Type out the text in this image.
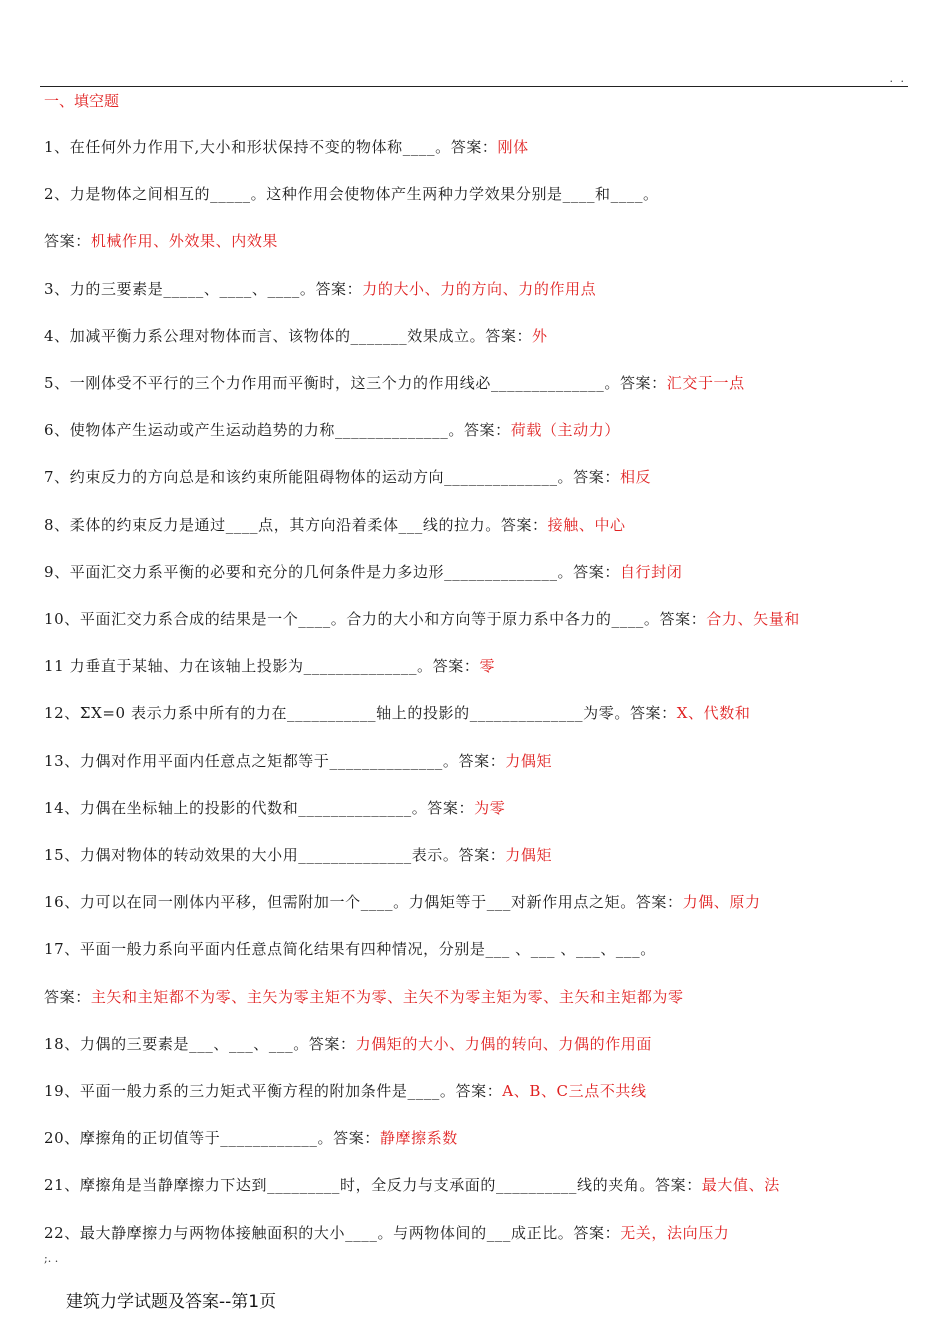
. .
一、填空题
1、在任何外力作用下,大小和形状保持不变的物体称____。答案：刚体
2、力是物体之间相互的_____。这种作用会使物体产生两种力学效果分别是____和____。
答案：机械作用、外效果、内效果
3、力的三要素是_____、____、____。答案：力的大小、力的方向、力的作用点
4、加减平衡力系公理对物体而言、该物体的_______效果成立。答案：外
5、一刚体受不平行的三个力作用而平衡时，这三个力的作用线必______________。答案：汇交于一点
6、使物体产生运动或产生运动趋势的力称______________。答案：荷载（主动力）
7、约束反力的方向总是和该约束所能阻碍物体的运动方向______________。答案：相反
8、柔体的约束反力是通过____点，其方向沿着柔体___线的拉力。答案：接触、中心
9、平面汇交力系平衡的必要和充分的几何条件是力多边形______________。答案：自行封闭
10、平面汇交力系合成的结果是一个____。合力的大小和方向等于原力系中各力的____。答案：合力、矢量和
11 力垂直于某轴、力在该轴上投影为______________。答案：零
12、ΣX=0 表示力系中所有的力在___________轴上的投影的______________为零。答案：X、代数和
13、力偶对作用平面内任意点之矩都等于______________。答案：力偶矩
14、力偶在坐标轴上的投影的代数和______________。答案：为零
15、力偶对物体的转动效果的大小用______________表示。答案：力偶矩
16、力可以在同一刚体内平移，但需附加一个____。力偶矩等于___对新作用点之矩。答案：力偶、原力
17、平面一般力系向平面内任意点简化结果有四种情况，分别是___ 、___ 、___、___。
答案：主矢和主矩都不为零、主矢为零主矩不为零、主矢不为零主矩为零、主矢和主矩都为零
18、力偶的三要素是___、___、___。答案：力偶矩的大小、力偶的转向、力偶的作用面
19、平面一般力系的三力矩式平衡方程的附加条件是____。答案：A、B、C三点不共线
20、摩擦角的正切值等于____________。答案：静摩擦系数
21、摩擦角是当静摩擦力下达到_________时，全反力与支承面的__________线的夹角。答案：最大值、法
22、最大静摩擦力与两物体接触面积的大小____。与两物体间的___成正比。答案：无关，法向压力
;. .
建筑力学试题及答案--第1页
